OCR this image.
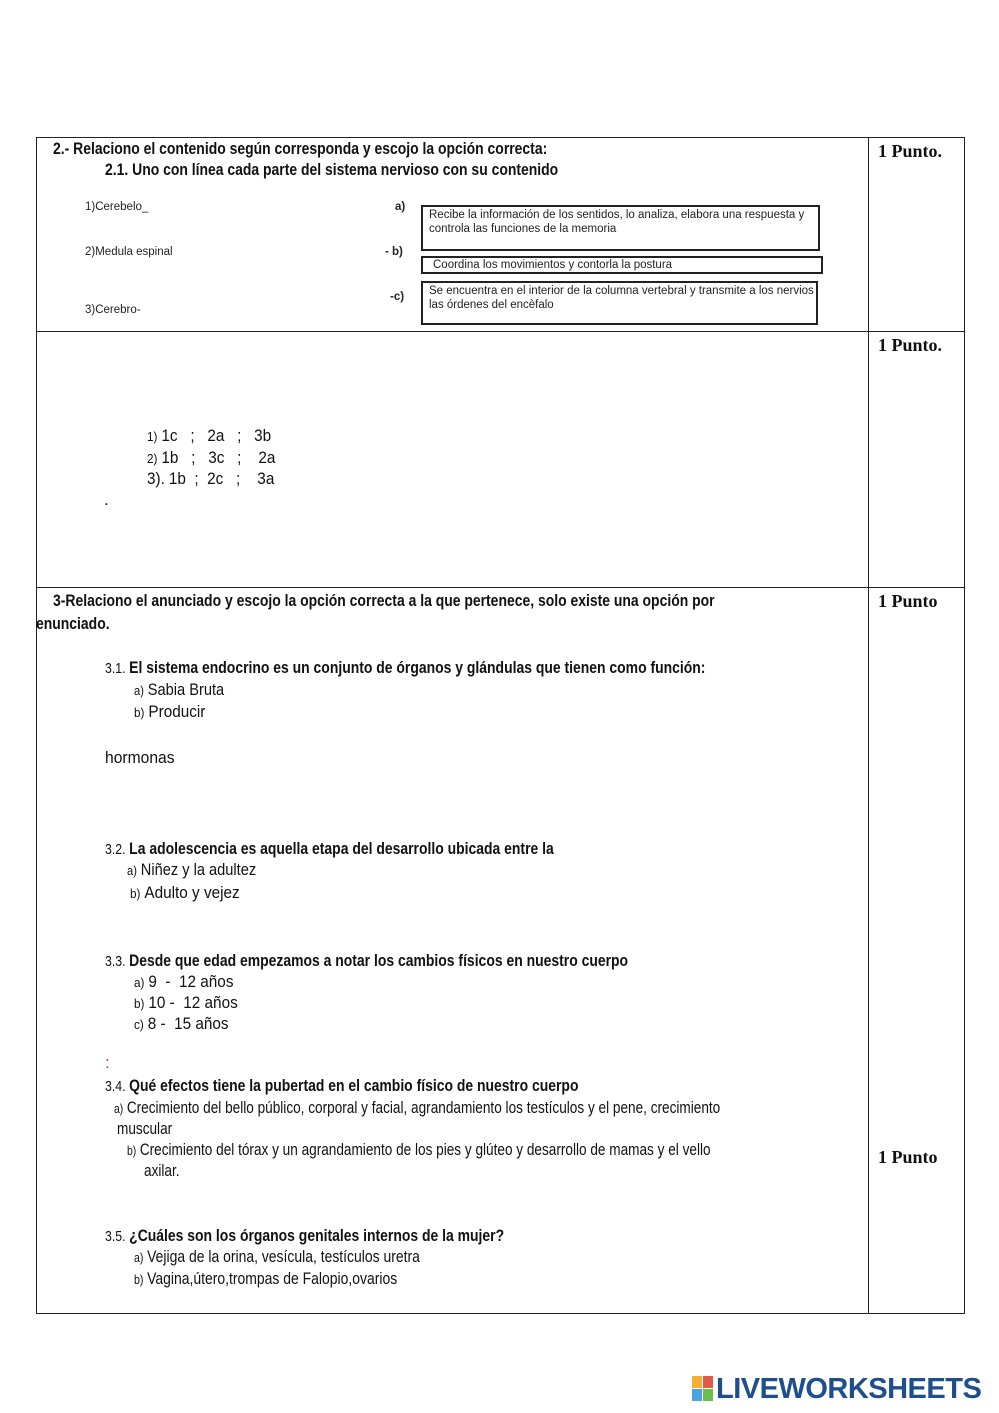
2.- Relaciono el contenido según corresponda y escojo la opción correcta:
2.1. Uno con línea cada parte del sistema nervioso con su contenido
1 Punto.
1)Cerebelo_
2)Medula espinal
3)Cerebro-
a)
- b)
-c)
Recibe la información de los sentidos, lo analiza, elabora una respuesta y controla las funciones de la memoria
Coordina los movimientos y contorla la postura
Se encuentra en el interior de la columna vertebral y transmite a los nervios las órdenes del encèfalo
1 Punto.
1) 1c   ;   2a   ;   3b
2) 1b   ;   3c   ;    2a
3). 1b  ;  2c   ;    3a
.
3-Relaciono el anunciado y escojo la opción correcta a la que pertenece, solo existe una opción por
enunciado.
1 Punto
1 Punto
3.1. El sistema endocrino es un conjunto de órganos y glándulas que tienen como función:
a) Sabia Bruta
b) Producir
hormonas
3.2. La adolescencia es aquella etapa del desarrollo ubicada entre la
a) Niñez y la adultez
b) Adulto y vejez
3.3. Desde que edad empezamos a notar los cambios físicos en nuestro cuerpo
a) 9  -  12 años
b) 10 -  12 años
c) 8 -  15 años
:
3.4. Qué efectos tiene la pubertad en el cambio físico de nuestro cuerpo
a) Crecimiento del bello público, corporal y facial, agrandamiento los testículos y el pene, crecimiento
muscular
b) Crecimiento del tórax y un agrandamiento de los pies y glúteo y desarrollo de mamas y el vello
axilar.
3.5. ¿Cuáles son los órganos genitales internos de la mujer?
a) Vejiga de la orina, vesícula, testículos uretra
b) Vagina,útero,trompas de Falopio,ovarios
LIVEWORKSHEETS
